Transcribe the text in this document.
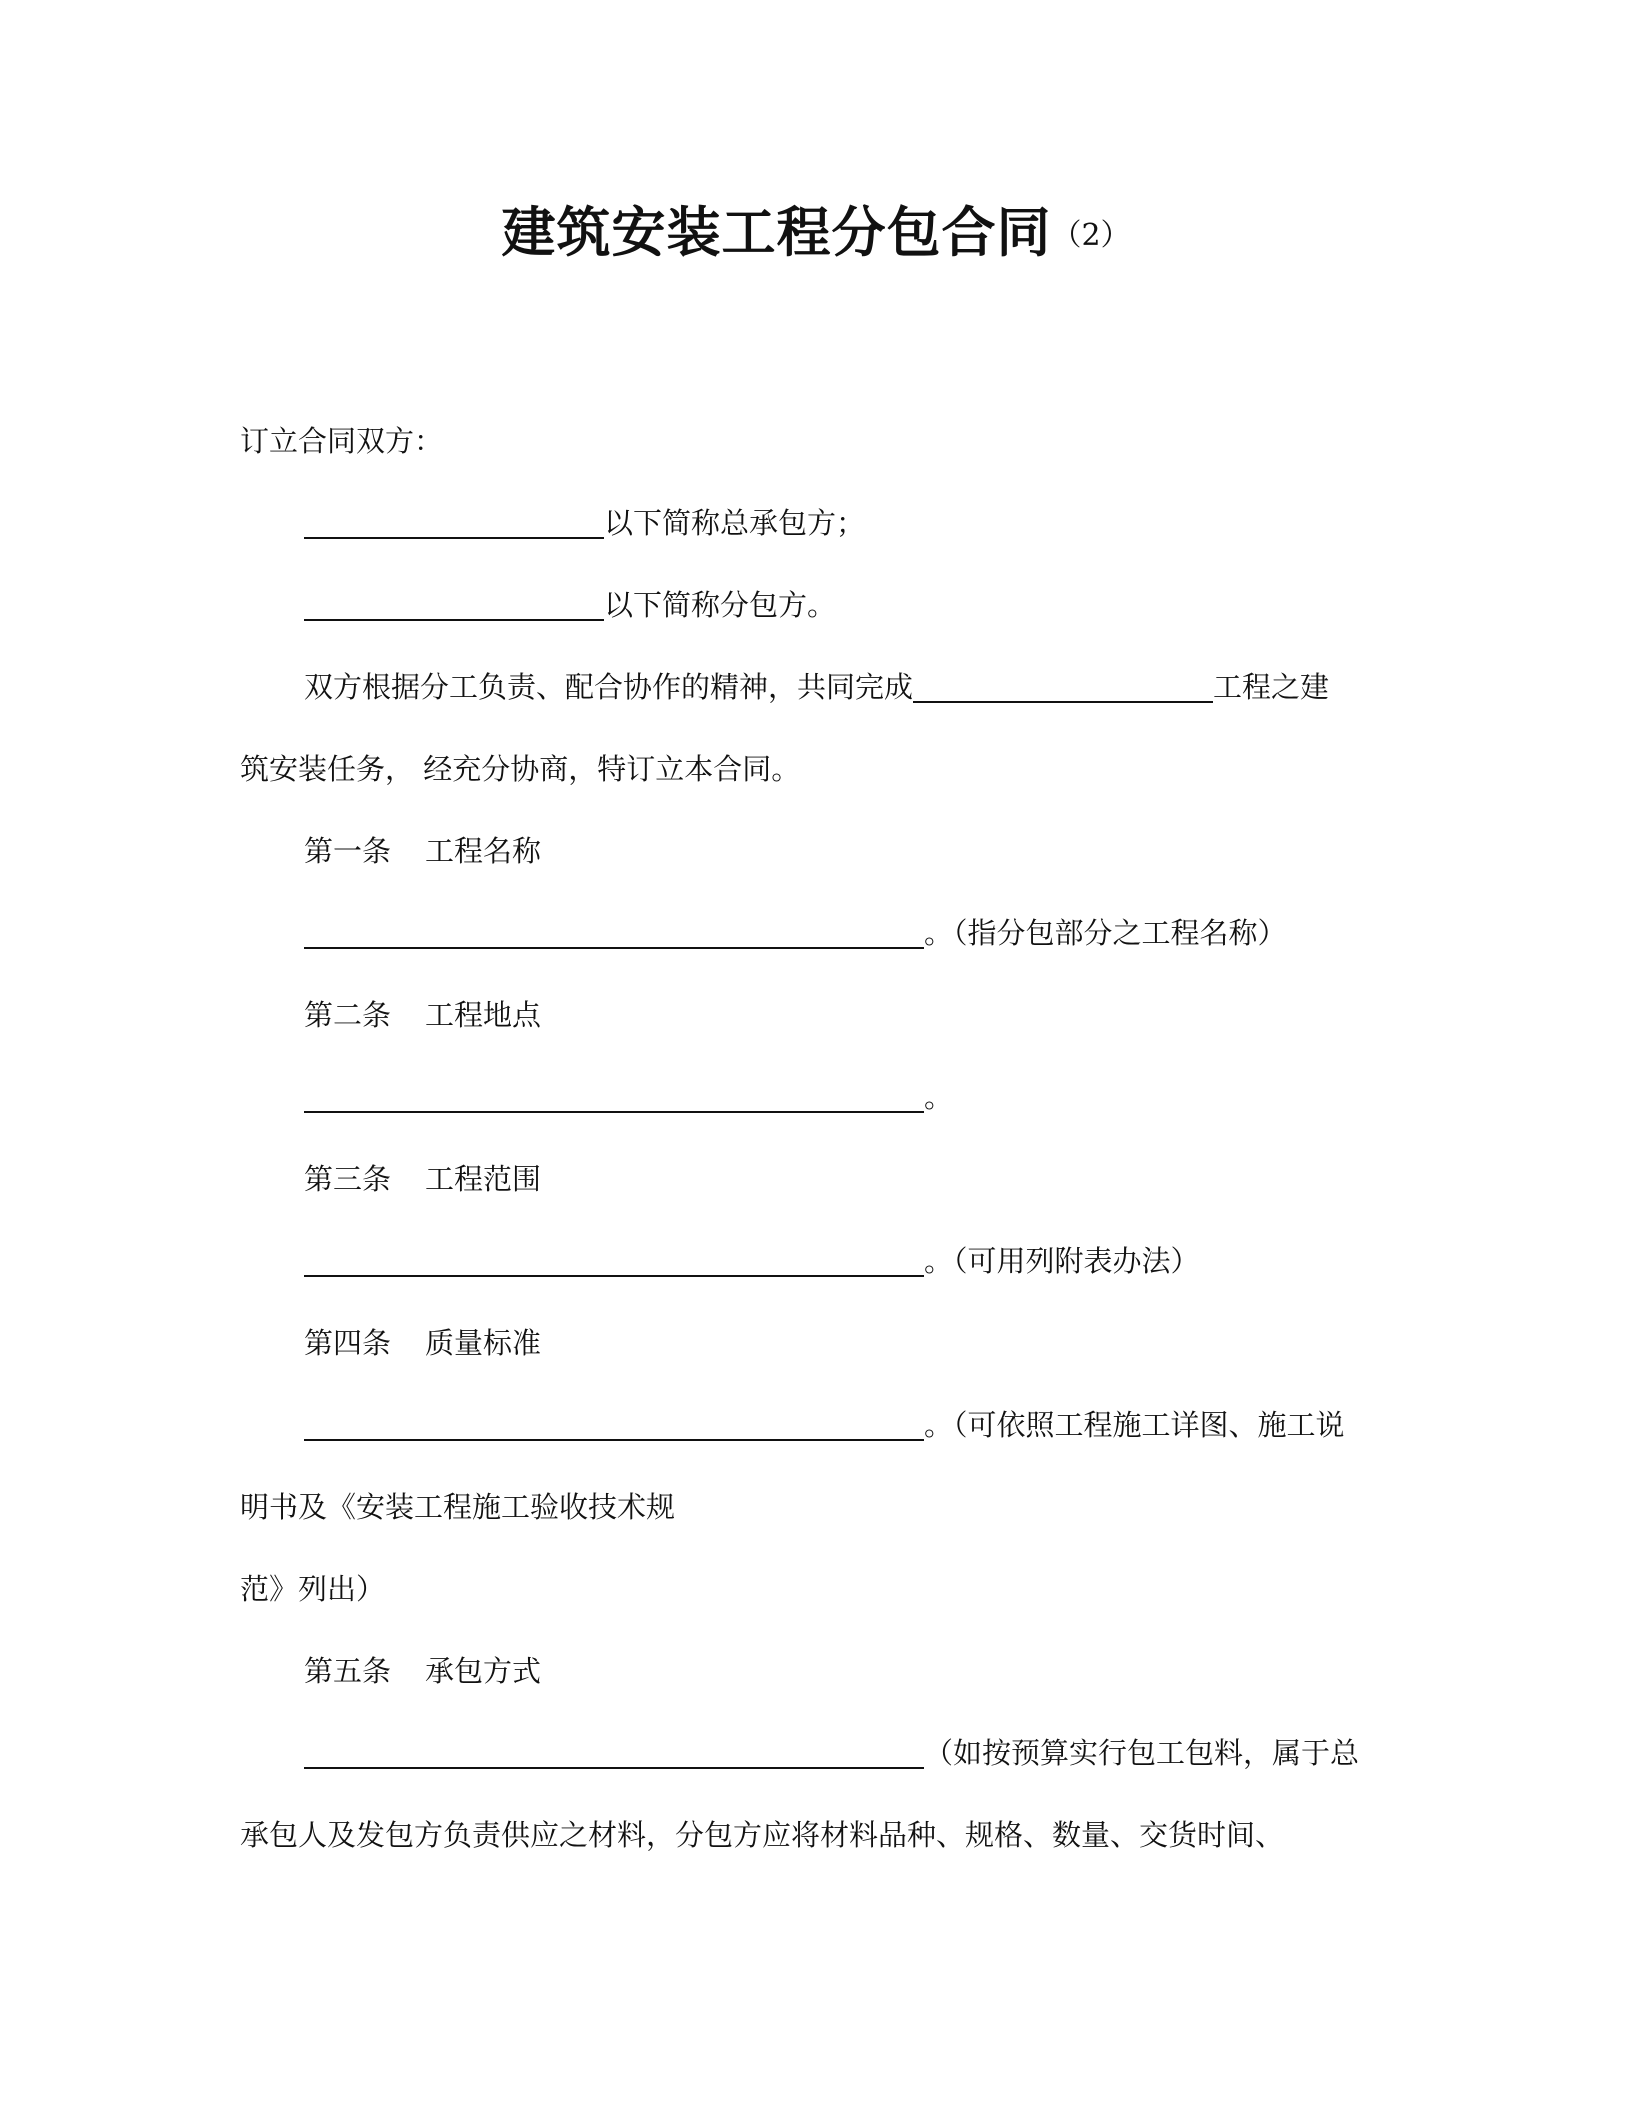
建筑安装工程分包合同（2）
订立合同双方：
以下简称总承包方；
以下简称分包方。
双方根据分工负责、配合协作的精神，共同完成	工程之建
筑安装任务， 经充分协商，特订立本合同。
第一条 工程名称
。（指分包部分之工程名称）
第二条 工程地点
。
第三条 工程范围
。（可用列附表办法）
第四条 质量标准
。（可依照工程施工详图、施工说
明书及《安装工程施工验收技术规
范》列出）
第五条 承包方式
（如按预算实行包工包料，属于总
承包人及发包方负责供应之材料，分包方应将材料品种、规格、数量、交货时间、
